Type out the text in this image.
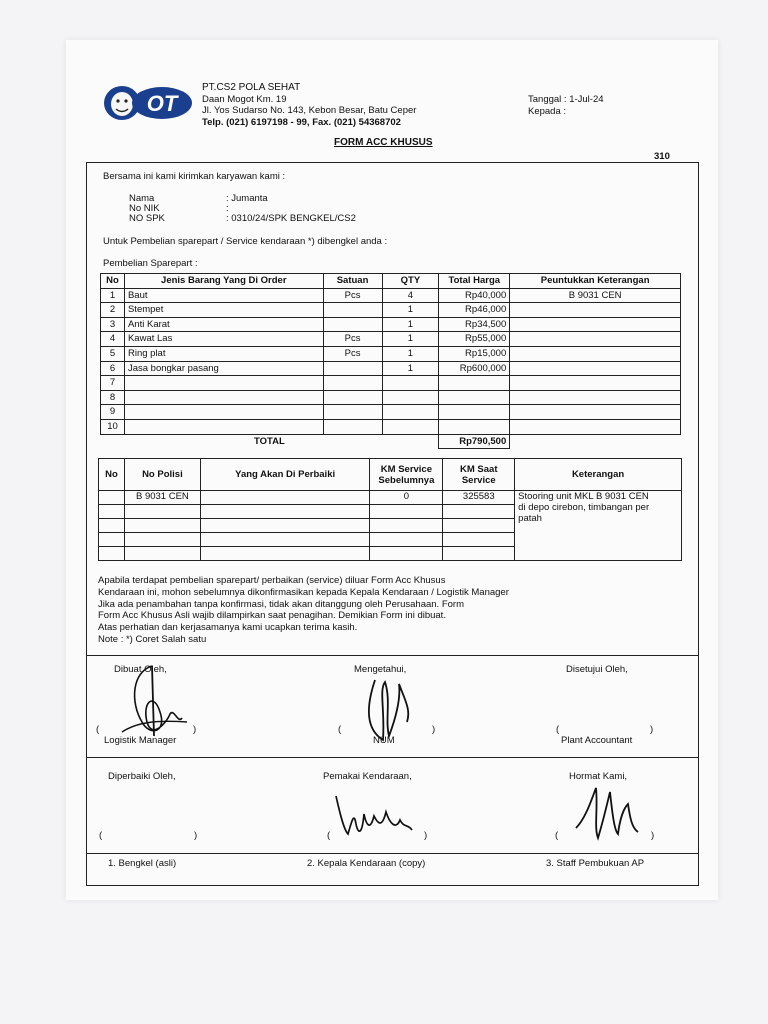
OT
PT.CS2 POLA SEHAT
Daan Mogot Km. 19
Jl. Yos Sudarso No. 143, Kebon Besar, Batu Ceper
Telp. (021) 6197198 - 99, Fax. (021) 54368702
Tanggal : 1-Jul-24
Kepada :
FORM ACC KHUSUS
310
Bersama ini kami kirimkan karyawan kami :
Nama	: Jumanta
No NIK	:
NO SPK	: 0310/24/SPK BENGKEL/CS2
Untuk Pembelian sparepart / Service kendaraan *) dibengkel anda :
Pembelian Sparepart :
No	Jenis Barang Yang Di Order	Satuan	QTY	Total Harga	Peuntukkan Keterangan
1	Baut	Pcs	4	Rp40,000	B 9031 CEN
2	Stempet		1	Rp46,000	
3	Anti Karat		1	Rp34,500	
4	Kawat Las	Pcs	1	Rp55,000	
5	Ring plat	Pcs	1	Rp15,000	
6	Jasa bongkar pasang		1	Rp600,000	
7					
8					
9					
10					
TOTAL				Rp790,500	
No	No Polisi	Yang Akan Di Perbaiki	KM Service Sebelumnya	KM Saat Service	Keterangan
	B 9031 CEN		0	325583	Stooring unit MKL B 9031 CEN
di depo cirebon, timbangan per
patah

Apabila terdapat pembelian sparepart/ perbaikan (service) diluar Form Acc Khusus
Kendaraan ini, mohon sebelumnya dikonfirmasikan kepada Kepala Kendaraan / Logistik Manager
Jika ada penambahan tanpa konfirmasi, tidak akan ditanggung oleh Perusahaan. Form
Form Acc Khusus Asli wajib dilampirkan saat penagihan. Demikian Form ini dibuat.
Atas perhatian dan kerjasamanya kami ucapkan terima kasih.
Note : *) Coret Salah satu
Dibuat Oleh,	Mengetahui,	Disetujui Oleh,
(	)	(	)	(	)
Logistik Manager	NUM	Plant Accountant
Diperbaiki Oleh,	Pemakai Kendaraan,	Hormat Kami,
(	)	(	)	(	)
1. Bengkel (asli)	2. Kepala Kendaraan (copy)	3. Staff Pembukuan AP
